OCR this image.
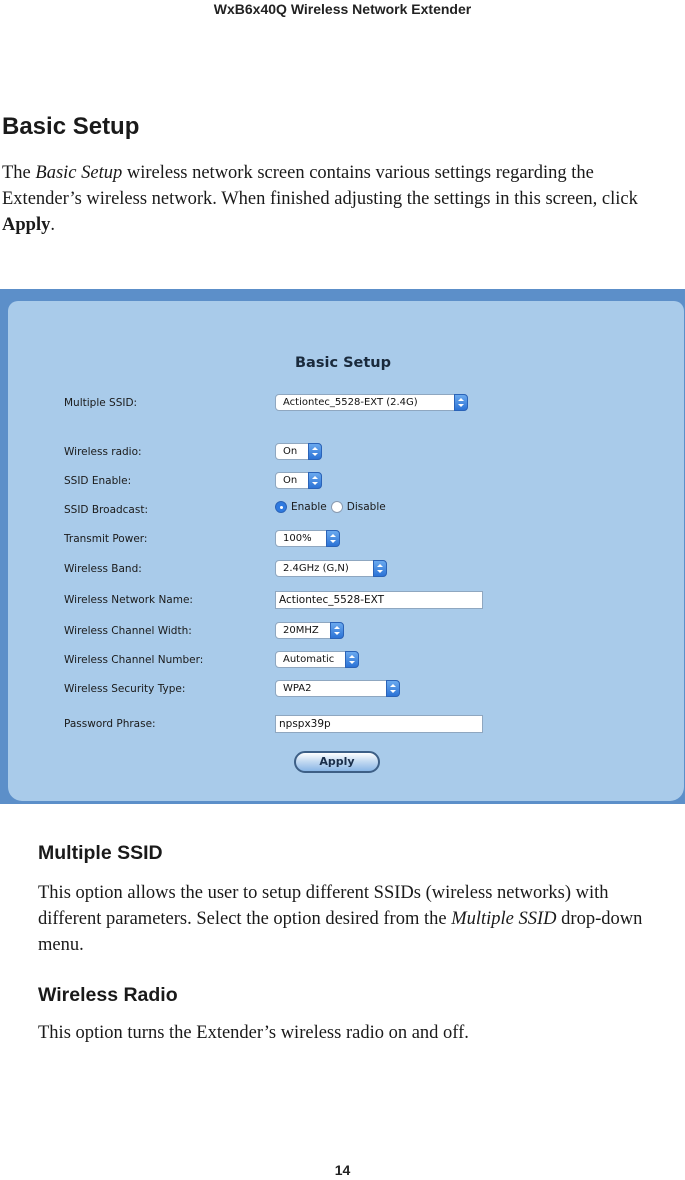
WxB6x40Q Wireless Network Extender
Basic Setup

The Basic Setup wireless network screen contains various settings regarding the Extender’s wireless network. When finished adjusting the settings in this screen, click Apply.

Basic Setup
Multiple SSID:	Actiontec_5528-EXT (2.4G)
Wireless radio:	On
SSID Enable:	On
SSID Broadcast:	Enable Disable
Transmit Power:	100%
Wireless Band:	2.4GHz (G,N)
Wireless Network Name:	Actiontec_5528-EXT
Wireless Channel Width:	20MHZ
Wireless Channel Number:	Automatic
Wireless Security Type:	WPA2
Password Phrase:	npspx39p
Apply
Multiple SSID

This option allows the user to setup different SSIDs (wireless networks) with different parameters. Select the option desired from the Multiple SSID drop-down menu.

Wireless Radio

This option turns the Extender’s wireless radio on and off.

14
